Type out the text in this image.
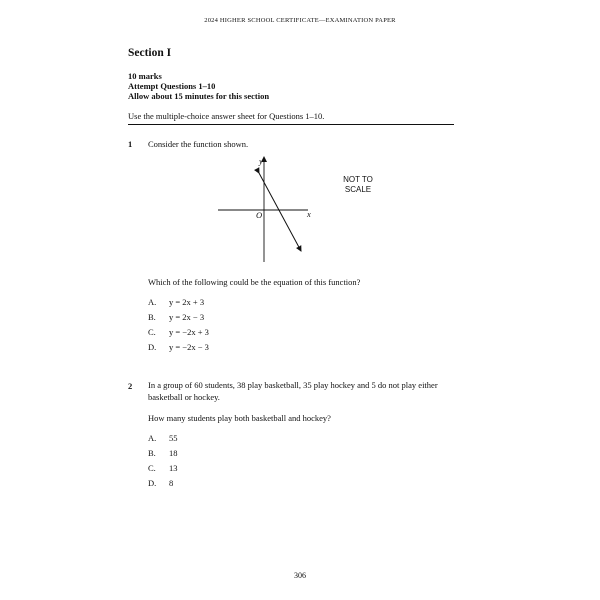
2024 HIGHER SCHOOL CERTIFICATE—EXAMINATION PAPER
Section I
10 marks
Attempt Questions 1–10
Allow about 15 minutes for this section
Use the multiple-choice answer sheet for Questions 1–10.
1 Consider the function shown.
y
x
O
NOT TO
SCALE
Which of the following could be the equation of this function?
A. y = 2x + 3
B. y = 2x − 3
C. y = −2x + 3
D. y = −2x − 3
2 In a group of 60 students, 38 play basketball, 35 play hockey and 5 do not play either basketball or hockey.
How many students play both basketball and hockey?
A. 55
B. 18
C. 13
D. 8
306
